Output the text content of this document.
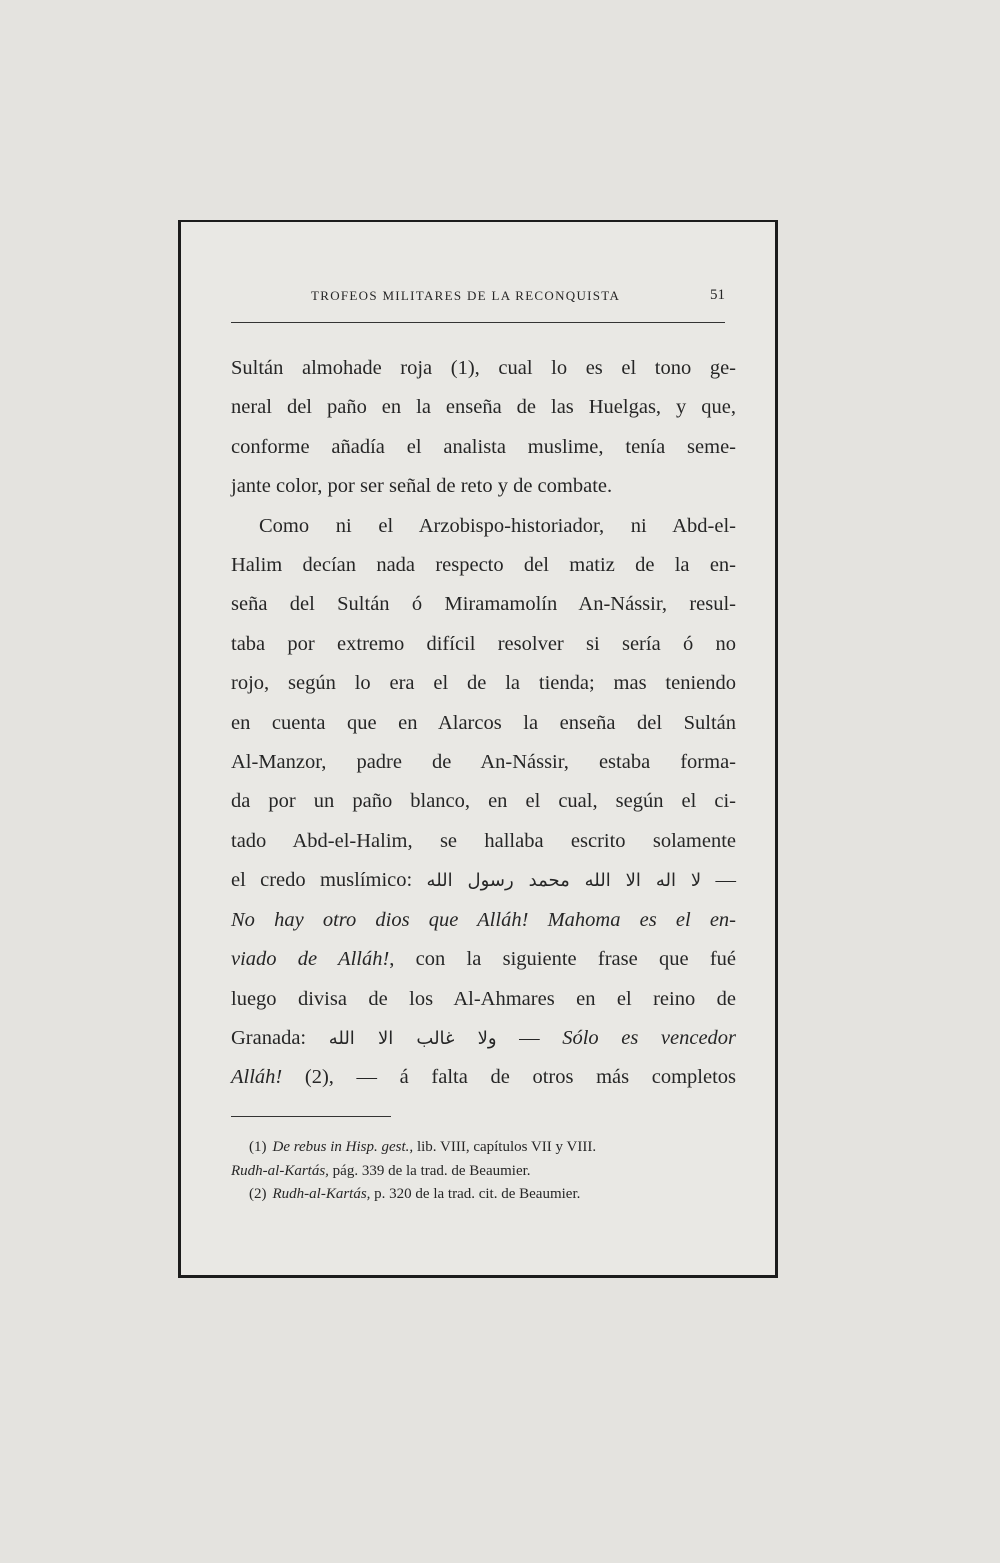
TROFEOS MILITARES DE LA RECONQUISTA	51
Sultán almohade roja (1), cual lo es el tono ge-
neral del paño en la enseña de las Huelgas, y que,
conforme añadía el analista muslime, tenía seme-
jante color, por ser señal de reto y de combate.
Como ni el Arzobispo-historiador, ni Abd-el-
Halim decían nada respecto del matiz de la en-
seña del Sultán ó Miramamolín An-Nássir, resul-
taba por extremo difícil resolver si sería ó no
rojo, según lo era el de la tienda; mas teniendo
en cuenta que en Alarcos la enseña del Sultán
Al-Manzor, padre de An-Nássir, estaba forma-
da por un paño blanco, en el cual, según el ci-
tado Abd-el-Halim, se hallaba escrito solamente
el credo muslímico: لا اله الا الله محمد رسول الله —
No hay otro dios que Alláh! Mahoma es el en-
viado de Alláh!, con la siguiente frase que fué
luego divisa de los Al-Ahmares en el reino de
Granada: ولا غالب الا الله — Sólo es vencedor
Alláh! (2), — á falta de otros más completos
(1) De rebus in Hisp. gest., lib. VIII, capítulos VII y VIII.
Rudh-al-Kartás, pág. 339 de la trad. de Beaumier.
(2) Rudh-al-Kartás, p. 320 de la trad. cit. de Beaumier.
